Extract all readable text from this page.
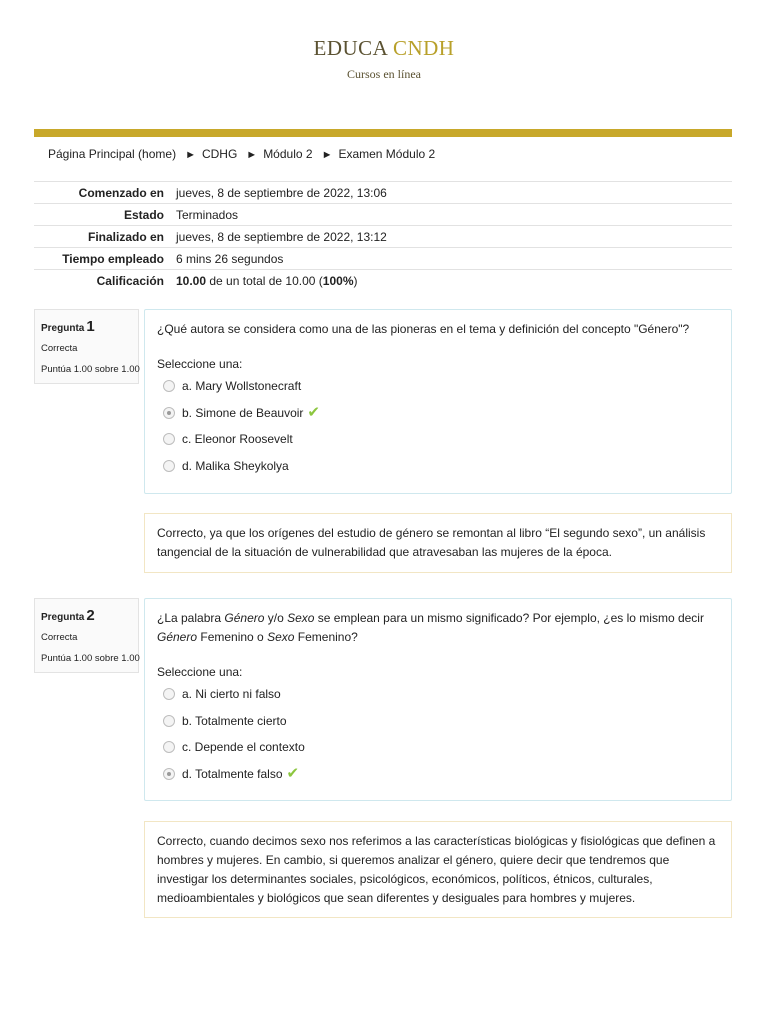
EDUCA CNDH
Cursos en línea
Página Principal (home) ► CDHG ► Módulo 2 ► Examen Módulo 2
Comenzado en	jueves, 8 de septiembre de 2022, 13:06
Estado	Terminados
Finalizado en	jueves, 8 de septiembre de 2022, 13:12
Tiempo empleado	6 mins 26 segundos
Calificación	10.00 de un total de 10.00 (100%)
Pregunta 1
Correcta
Puntúa 1.00 sobre 1.00
¿Qué autora se considera como una de las pioneras en el tema y definición del concepto "Género"?
Seleccione una:
a. Mary Wollstonecraft
b. Simone de Beauvoir ✔
c. Eleonor Roosevelt
d. Malika Sheykolya
Correcto, ya que los orígenes del estudio de género se remontan al libro “El segundo sexo”, un análisis tangencial de la situación de vulnerabilidad que atravesaban las mujeres de la época.
Pregunta 2
Correcta
Puntúa 1.00 sobre 1.00
¿La palabra Género y/o Sexo se emplean para un mismo significado? Por ejemplo, ¿es lo mismo decir Género Femenino o Sexo Femenino?
Seleccione una:
a. Ni cierto ni falso
b. Totalmente cierto
c. Depende el contexto
d. Totalmente falso ✔
Correcto, cuando decimos sexo nos referimos a las características biológicas y fisiológicas que definen a hombres y mujeres. En cambio, si queremos analizar el género, quiere decir que tendremos que investigar los determinantes sociales, psicológicos, económicos, políticos, étnicos, culturales, medioambientales y biológicos que sean diferentes y desiguales para hombres y mujeres.
